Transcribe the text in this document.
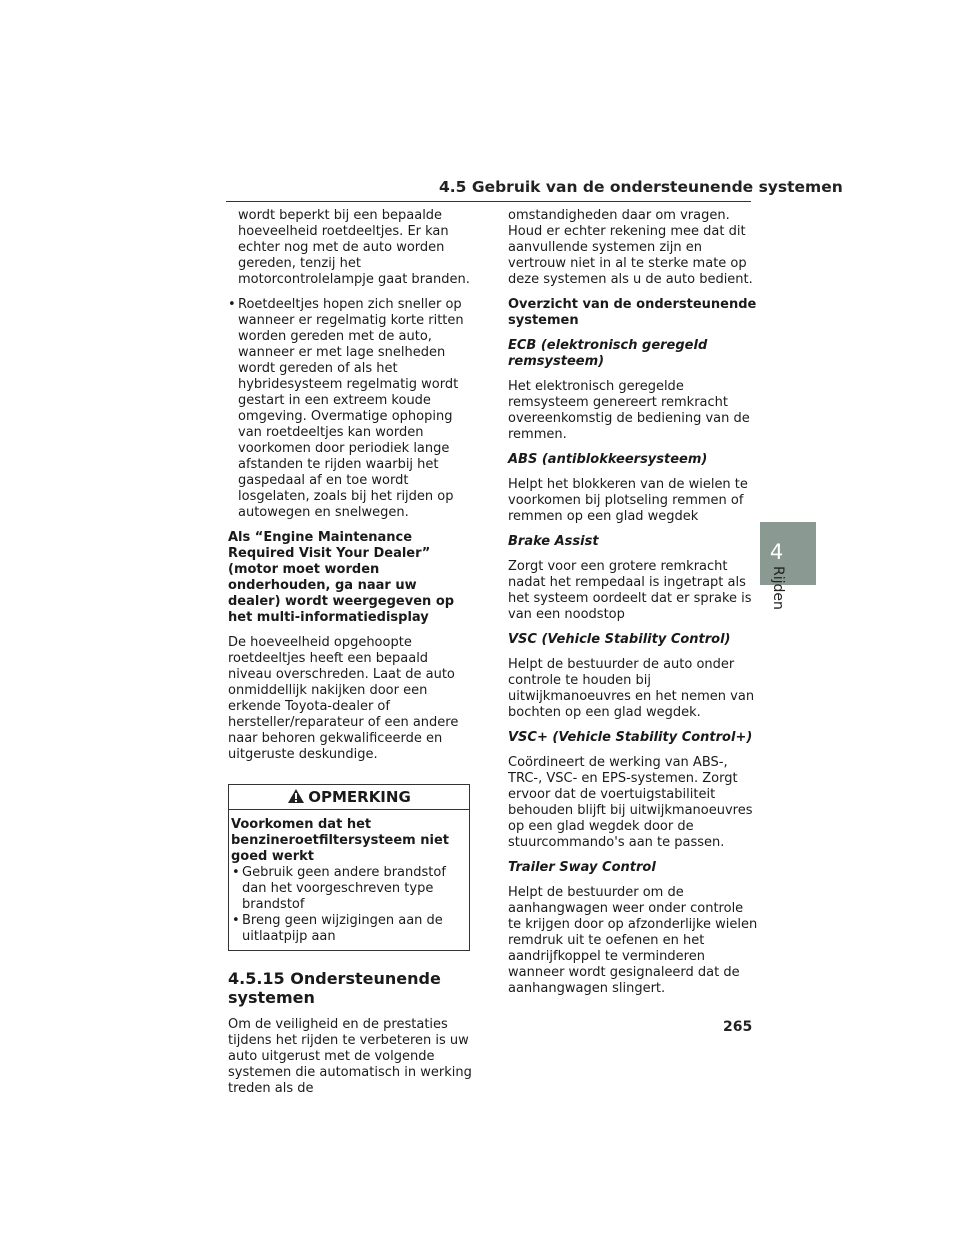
4.5 Gebruik van de ondersteunende systemen

wordt beperkt bij een bepaalde hoeveelheid roetdeeltjes. Er kan echter nog met de auto worden gereden, tenzij het motorcontrolelampje gaat branden.

• Roetdeeltjes hopen zich sneller op wanneer er regelmatig korte ritten worden gereden met de auto, wanneer er met lage snelheden wordt gereden of als het hybridesysteem regelmatig wordt gestart in een extreem koude omgeving. Overmatige ophoping van roetdeeltjes kan worden voorkomen door periodiek lange afstanden te rijden waarbij het gaspedaal af en toe wordt losgelaten, zoals bij het rijden op autowegen en snelwegen.

Als “Engine Maintenance Required Visit Your Dealer” (motor moet worden onderhouden, ga naar uw dealer) wordt weergegeven op het multi-informatiedisplay

De hoeveelheid opgehoopte roetdeeltjes heeft een bepaald niveau overschreden. Laat de auto onmiddellijk nakijken door een erkende Toyota-dealer of hersteller/reparateur of een andere naar behoren gekwalificeerde en uitgeruste deskundige.

OPMERKING
Voorkomen dat het benzineroetfiltersysteem niet goed werkt
• Gebruik geen andere brandstof dan het voorgeschreven type brandstof
• Breng geen wijzigingen aan de uitlaatpijp aan
4.5.15 Ondersteunende systemen

Om de veiligheid en de prestaties tijdens het rijden te verbeteren is uw auto uitgerust met de volgende systemen die automatisch in werking treden als de

omstandigheden daar om vragen. Houd er echter rekening mee dat dit aanvullende systemen zijn en vertrouw niet in al te sterke mate op deze systemen als u de auto bedient.

Overzicht van de ondersteunende systemen

ECB (elektronisch geregeld remsysteem)

Het elektronisch geregelde remsysteem genereert remkracht overeenkomstig de bediening van de remmen.

ABS (antiblokkeersysteem)

Helpt het blokkeren van de wielen te voorkomen bij plotseling remmen of remmen op een glad wegdek

Brake Assist

Zorgt voor een grotere remkracht nadat het rempedaal is ingetrapt als het systeem oordeelt dat er sprake is van een noodstop

VSC (Vehicle Stability Control)

Helpt de bestuurder de auto onder controle te houden bij uitwijkmanoeuvres en het nemen van bochten op een glad wegdek.

VSC+ (Vehicle Stability Control+)

Coördineert de werking van ABS-, TRC-, VSC- en EPS-systemen. Zorgt ervoor dat de voertuigstabiliteit behouden blijft bij uitwijkmanoeuvres op een glad wegdek door de stuurcommando's aan te passen.

Trailer Sway Control

Helpt de bestuurder om de aanhangwagen weer onder controle te krijgen door op afzonderlijke wielen remdruk uit te oefenen en het aandrijfkoppel te verminderen wanneer wordt gesignaleerd dat de aanhangwagen slingert.

4
Rijden
265
